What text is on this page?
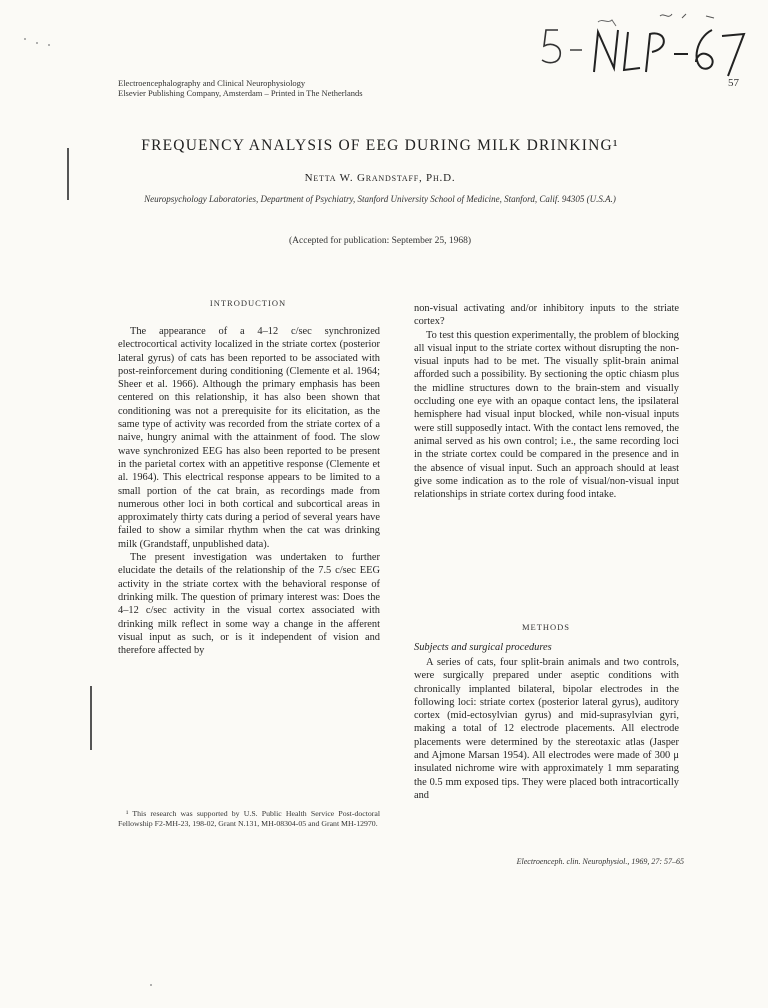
Electroencephalography and Clinical Neurophysiology
Elsevier Publishing Company, Amsterdam – Printed in The Netherlands
57
FREQUENCY ANALYSIS OF EEG DURING MILK DRINKING¹
Netta W. Grandstaff, Ph.D.
Neuropsychology Laboratories, Department of Psychiatry, Stanford University School of Medicine, Stanford, Calif. 94305 (U.S.A.)
(Accepted for publication: September 25, 1968)
INTRODUCTION

The appearance of a 4–12 c/sec synchronized electrocortical activity localized in the striate cortex (posterior lateral gyrus) of cats has been reported to be associated with post-reinforcement during conditioning (Clemente et al. 1964; Sheer et al. 1966). Although the primary emphasis has been centered on this relationship, it has also been shown that conditioning was not a prerequisite for its elicitation, as the same type of activity was recorded from the striate cortex of a naive, hungry animal with the attainment of food. The slow wave synchronized EEG has also been reported to be present in the parietal cortex with an appetitive response (Clemente et al. 1964). This electrical response appears to be limited to a small portion of the cat brain, as recordings made from numerous other loci in both cortical and subcortical areas in approximately thirty cats during a period of several years have failed to show a similar rhythm when the cat was drinking milk (Grandstaff, unpublished data).

The present investigation was undertaken to further elucidate the details of the relationship of the 7.5 c/sec EEG activity in the striate cortex with the behavioral response of drinking milk. The question of primary interest was: Does the 4–12 c/sec activity in the visual cortex associated with drinking milk reflect in some way a change in the afferent visual input as such, or is it independent of vision and therefore affected by

¹ This research was supported by U.S. Public Health Service Post-doctoral Fellowship F2-MH-23, 198-02, Grant N.131, MH-08304-05 and Grant MH-12970.

non-visual activating and/or inhibitory inputs to the striate cortex?

To test this question experimentally, the problem of blocking all visual input to the striate cortex without disrupting the non-visual inputs had to be met. The visually split-brain animal afforded such a possibility. By sectioning the optic chiasm plus the midline structures down to the brain-stem and visually occluding one eye with an opaque contact lens, the ipsilateral hemisphere had visual input blocked, while non-visual inputs were still supposedly intact. With the contact lens removed, the animal served as his own control; i.e., the same recording loci in the striate cortex could be compared in the presence and in the absence of visual input. Such an approach should at least give some indication as to the role of visual/non-visual input relationships in striate cortex during food intake.

METHODS
Subjects and surgical procedures

A series of cats, four split-brain animals and two controls, were surgically prepared under aseptic conditions with chronically implanted bilateral, bipolar electrodes in the following loci: striate cortex (posterior lateral gyrus), auditory cortex (mid-ectosylvian gyrus) and mid-suprasylvian gyri, making a total of 12 electrode placements. All electrode placements were determined by the stereotaxic atlas (Jasper and Ajmone Marsan 1954). All electrodes were made of 300 μ insulated nichrome wire with approximately 1 mm separating the 0.5 mm exposed tips. They were placed both intracortically and

Electroenceph. clin. Neurophysiol., 1969, 27: 57–65
